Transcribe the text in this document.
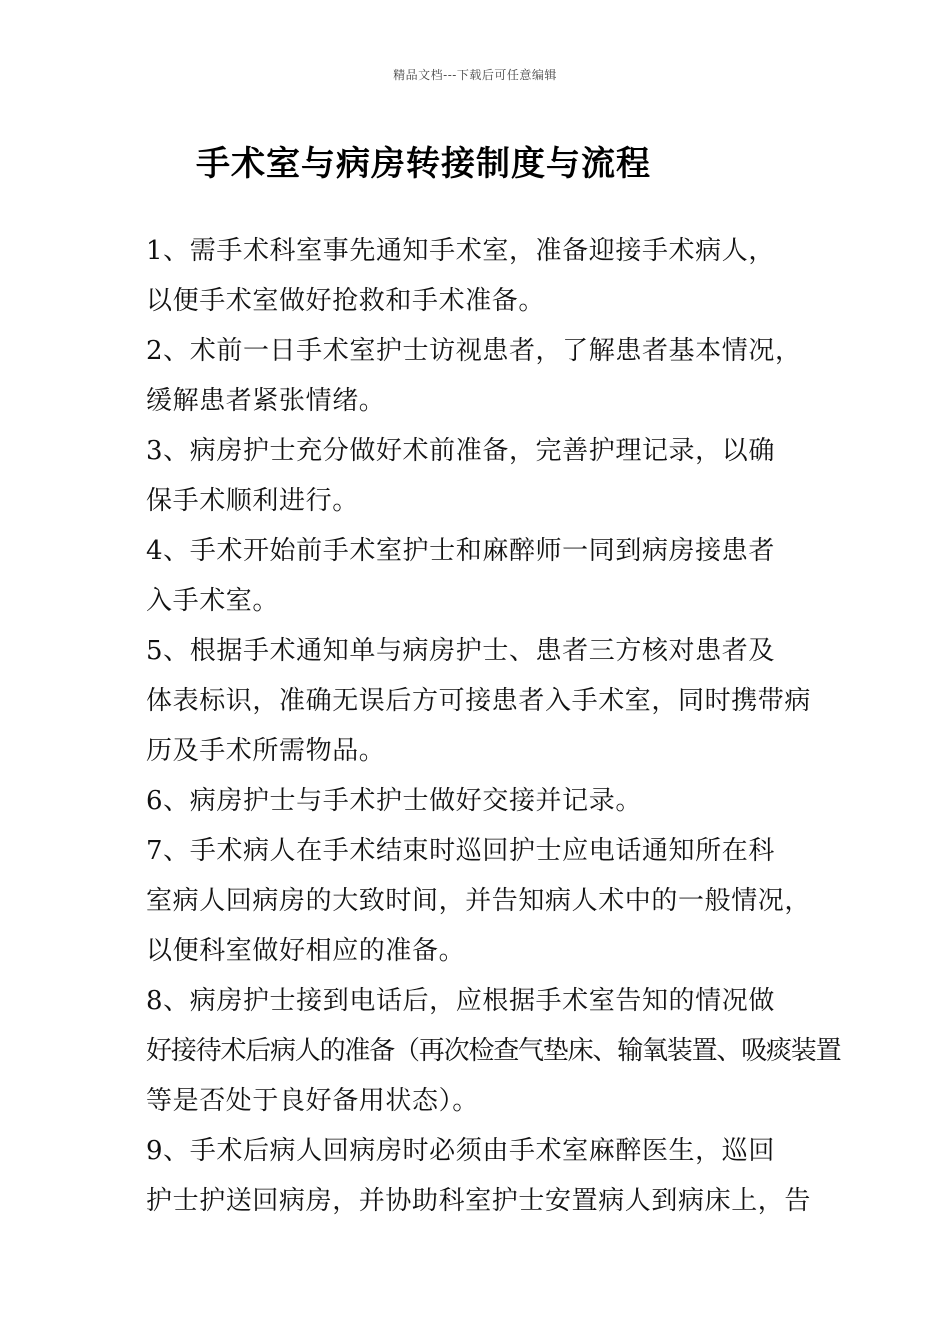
精品文档---下载后可任意编辑
手术室与病房转接制度与流程
1、需手术科室事先通知手术室，准备迎接手术病人，
以便手术室做好抢救和手术准备。
2、术前一日手术室护士访视患者，了解患者基本情况，
缓解患者紧张情绪。
3、病房护士充分做好术前准备，完善护理记录，以确
保手术顺利进行。
4、手术开始前手术室护士和麻醉师一同到病房接患者
入手术室。
5、根据手术通知单与病房护士、患者三方核对患者及
体表标识，准确无误后方可接患者入手术室，同时携带病
历及手术所需物品。
6、病房护士与手术护士做好交接并记录。
7、手术病人在手术结束时巡回护士应电话通知所在科
室病人回病房的大致时间，并告知病人术中的一般情况，
以便科室做好相应的准备。
8、病房护士接到电话后，应根据手术室告知的情况做
好接待术后病人的准备（再次检查气垫床、输氧装置、吸痰装置
等是否处于良好备用状态）。
9、手术后病人回病房时必须由手术室麻醉医生，巡回
护士护送回病房，并协助科室护士安置病人到病床上，告
